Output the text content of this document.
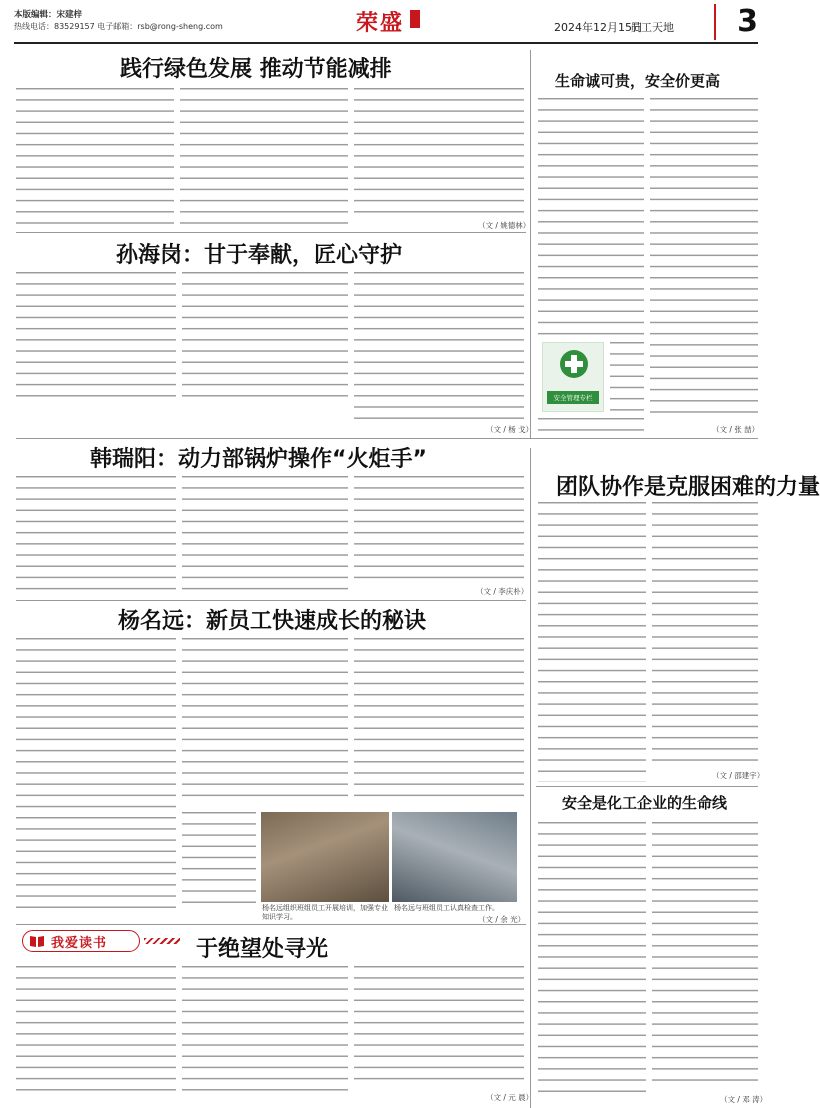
本版编辑：宋建梓
热线电话：83529157 电子邮箱：rsb@rong-sheng.com	荣盛	2024年12月15日
员工天地	3
践行绿色发展 推动节能减排
（文 / 姚德林）
生命诚可贵，安全价更高
（文 / 张 喆）
安全管理专栏
孙海岗：甘于奉献，匠心守护
（文 / 杨 戈）
韩瑞阳：动力部锅炉操作“火炬手”
（文 / 李庆朴）
团队协作是克服困难的力量
（文 / 邵建宇）
杨名远：新员工快速成长的秘诀
杨名远组织班组员工开展培训，加强专业知识学习。
杨名远与班组员工认真检查工作。
（文 / 余 光）
安全是化工企业的生命线
（文 / 邓 涛）
我爱读书	于绝望处寻光
（文 / 元 晨）
